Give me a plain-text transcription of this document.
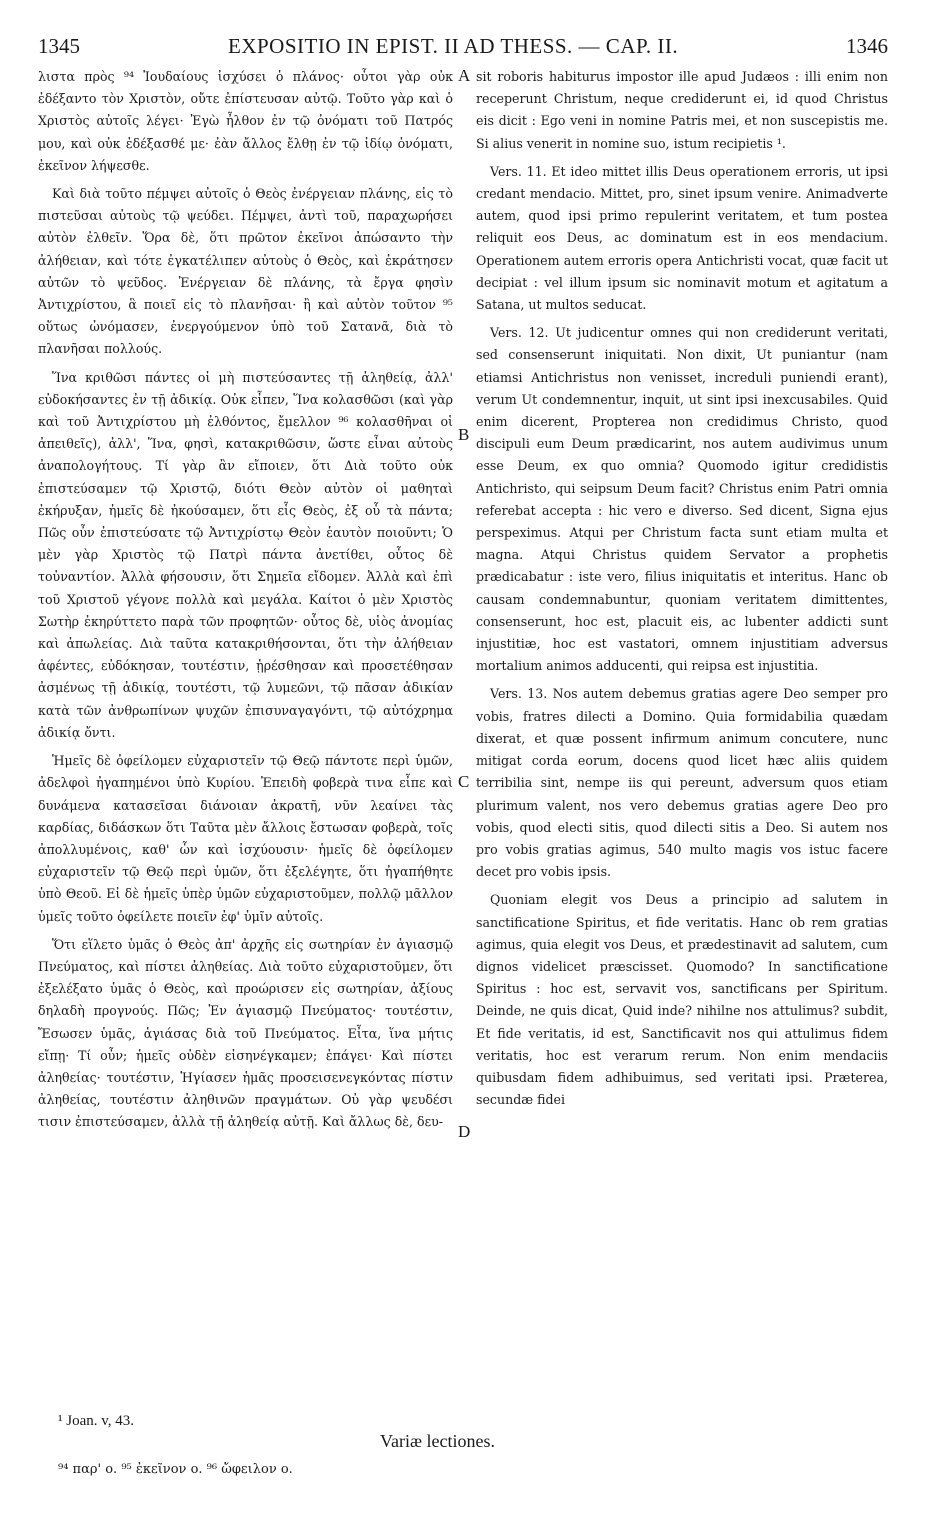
1345	EXPOSITIO IN EPIST. II AD THESS. — CAP. II.	1346

λιστα πρὸς ⁹⁴ Ἰουδαίους ἰσχύσει ὁ πλάνος· οὗτοι γὰρ οὐκ ἐδέξαντο τὸν Χριστὸν, οὔτε ἐπίστευσαν αὐτῷ. Τοῦτο γὰρ καὶ ὁ Χριστὸς αὐτοῖς λέγει· Ἐγὼ ἦλθον ἐν τῷ ὀνόματι τοῦ Πατρός μου, καὶ οὐκ ἐδέξασθέ με· ἐὰν ἄλλος ἔλθῃ ἐν τῷ ἰδίῳ ὀνόματι, ἐκεῖνον λήψεσθε.

Καὶ διὰ τοῦτο πέμψει αὐτοῖς ὁ Θεὸς ἐνέργειαν πλάνης, εἰς τὸ πιστεῦσαι αὐτοὺς τῷ ψεύδει. Πέμψει, ἀντὶ τοῦ, παραχωρήσει αὐτὸν ἐλθεῖν. Ὅρα δὲ, ὅτι πρῶτον ἐκεῖνοι ἀπώσαντο τὴν ἀλήθειαν, καὶ τότε ἐγκατέλιπεν αὐτοὺς ὁ Θεὸς, καὶ ἐκράτησεν αὐτῶν τὸ ψεῦδος. Ἐνέργειαν δὲ πλάνης, τὰ ἔργα φησὶν Ἀντιχρίστου, ἃ ποιεῖ εἰς τὸ πλανῆσαι· ἢ καὶ αὐτὸν τοῦτον ⁹⁵ οὕτως ὠνόμασεν, ἐνεργούμενον ὑπὸ τοῦ Σατανᾶ, διὰ τὸ πλανῆσαι πολλούς.

Ἵνα κριθῶσι πάντες οἱ μὴ πιστεύσαντες τῇ ἀληθείᾳ, ἀλλ' εὐδοκήσαντες ἐν τῇ ἀδικίᾳ. Οὐκ εἶπεν, Ἵνα κολασθῶσι (καὶ γὰρ καὶ τοῦ Ἀντιχρίστου μὴ ἐλθόντος, ἔμελλον ⁹⁶ κολασθῆναι οἱ ἀπειθεῖς), ἀλλ', Ἵνα, φησὶ, κατακριθῶσιν, ὥστε εἶναι αὐτοὺς ἀναπολογήτους. Τί γὰρ ἂν εἴποιεν, ὅτι Διὰ τοῦτο οὐκ ἐπιστεύσαμεν τῷ Χριστῷ, διότι Θεὸν αὐτὸν οἱ μαθηταὶ ἐκήρυξαν, ἡμεῖς δὲ ἠκούσαμεν, ὅτι εἷς Θεὸς, ἐξ οὗ τὰ πάντα; Πῶς οὖν ἐπιστεύσατε τῷ Ἀντιχρίστῳ Θεὸν ἑαυτὸν ποιοῦντι; Ὁ μὲν γὰρ Χριστὸς τῷ Πατρὶ πάντα ἀνετίθει, οὗτος δὲ τοὐναντίον. Ἀλλὰ φήσουσιν, ὅτι Σημεῖα εἴδομεν. Ἀλλὰ καὶ ἐπὶ τοῦ Χριστοῦ γέγονε πολλὰ καὶ μεγάλα. Καίτοι ὁ μὲν Χριστὸς Σωτὴρ ἐκηρύττετο παρὰ τῶν προφητῶν· οὗτος δὲ, υἱὸς ἀνομίας καὶ ἀπωλείας. Διὰ ταῦτα κατακριθήσονται, ὅτι τὴν ἀλήθειαν ἀφέντες, εὐδόκησαν, τουτέστιν, ᾑρέσθησαν καὶ προσετέθησαν ἀσμένως τῇ ἀδικίᾳ, τουτέστι, τῷ λυμεῶνι, τῷ πᾶσαν ἀδικίαν κατὰ τῶν ἀνθρωπίνων ψυχῶν ἐπισυναγαγόντι, τῷ αὐτόχρημα ἀδικίᾳ ὄντι.

Ἡμεῖς δὲ ὀφείλομεν εὐχαριστεῖν τῷ Θεῷ πάντοτε περὶ ὑμῶν, ἀδελφοὶ ἠγαπημένοι ὑπὸ Κυρίου. Ἐπειδὴ φοβερὰ τινα εἶπε καὶ δυνάμενα κατασεῖσαι διάνοιαν ἀκρατῆ, νῦν λεαίνει τὰς καρδίας, διδάσκων ὅτι Ταῦτα μὲν ἄλλοις ἔστωσαν φοβερὰ, τοῖς ἀπολλυμένοις, καθ' ὧν καὶ ἰσχύουσιν· ἡμεῖς δὲ ὀφείλομεν εὐχαριστεῖν τῷ Θεῷ περὶ ὑμῶν, ὅτι ἐξελέγητε, ὅτι ἠγαπήθητε ὑπὸ Θεοῦ. Εἰ δὲ ἡμεῖς ὑπὲρ ὑμῶν εὐχαριστοῦμεν, πολλῷ μᾶλλον ὑμεῖς τοῦτο ὀφείλετε ποιεῖν ἐφ' ὑμῖν αὐτοῖς.

Ὅτι εἵλετο ὑμᾶς ὁ Θεὸς ἀπ' ἀρχῆς εἰς σωτηρίαν ἐν ἁγιασμῷ Πνεύματος, καὶ πίστει ἀληθείας. Διὰ τοῦτο εὐχαριστοῦμεν, ὅτι ἐξελέξατο ὑμᾶς ὁ Θεὸς, καὶ προώρισεν εἰς σωτηρίαν, ἀξίους δηλαδὴ προγνούς. Πῶς; Ἐν ἁγιασμῷ Πνεύματος· τουτέστιν, Ἔσωσεν ὑμᾶς, ἁγιάσας διὰ τοῦ Πνεύματος. Εἶτα, ἵνα μήτις εἴπῃ· Τί οὖν; ἡμεῖς οὐδὲν εἰσηνέγκαμεν; ἐπάγει· Καὶ πίστει ἀληθείας· τουτέστιν, Ἡγίασεν ἡμᾶς προσεισενεγκόντας πίστιν ἀληθείας, τουτέστιν ἀληθινῶν πραγμάτων. Οὐ γὰρ ψευδέσι τισιν ἐπιστεύσαμεν, ἀλλὰ τῇ ἀληθείᾳ αὐτῇ. Καὶ ἄλλως δὲ, δευ-

sit roboris habiturus impostor ille apud Judæos : illi enim non receperunt Christum, neque crediderunt ei, id quod Christus eis dicit : Ego veni in nomine Patris mei, et non suscepistis me. Si alius venerit in nomine suo, istum recipietis ¹.

Vers. 11. Et ideo mittet illis Deus operationem erroris, ut ipsi credant mendacio. Mittet, pro, sinet ipsum venire. Animadverte autem, quod ipsi primo repulerint veritatem, et tum postea reliquit eos Deus, ac dominatum est in eos mendacium. Operationem autem erroris opera Antichristi vocat, quæ facit ut decipiat : vel illum ipsum sic nominavit motum et agitatum a Satana, ut multos seducat.

Vers. 12. Ut judicentur omnes qui non crediderunt veritati, sed consenserunt iniquitati. Non dixit, Ut puniantur (nam etiamsi Antichristus non venisset, increduli puniendi erant), verum Ut condemnentur, inquit, ut sint ipsi inexcusabiles. Quid enim dicerent, Propterea non credidimus Christo, quod discipuli eum Deum prædicarint, nos autem audivimus unum esse Deum, ex quo omnia? Quomodo igitur credidistis Antichristo, qui seipsum Deum facit? Christus enim Patri omnia referebat accepta : hic vero e diverso. Sed dicent, Signa ejus perspeximus. Atqui per Christum facta sunt etiam multa et magna. Atqui Christus quidem Servator a prophetis prædicabatur : iste vero, filius iniquitatis et interitus. Hanc ob causam condemnabuntur, quoniam veritatem dimittentes, consenserunt, hoc est, placuit eis, ac lubenter addicti sunt injustitiæ, hoc est vastatori, omnem injustitiam adversus mortalium animos adducenti, qui reipsa est injustitia.

Vers. 13. Nos autem debemus gratias agere Deo semper pro vobis, fratres dilecti a Domino. Quia formidabilia quædam dixerat, et quæ possent infirmum animum concutere, nunc mitigat corda eorum, docens quod licet hæc aliis quidem terribilia sint, nempe iis qui pereunt, adversum quos etiam plurimum valent, nos vero debemus gratias agere Deo pro vobis, quod electi sitis, quod dilecti sitis a Deo. Si autem nos pro vobis gratias agimus, 540 multo magis vos istuc facere decet pro vobis ipsis.

Quoniam elegit vos Deus a principio ad salutem in sanctificatione Spiritus, et fide veritatis. Hanc ob rem gratias agimus, quia elegit vos Deus, et prædestinavit ad salutem, cum dignos videlicet præscisset. Quomodo? In sanctificatione Spiritus : hoc est, servavit vos, sanctificans per Spiritum. Deinde, ne quis dicat, Quid inde? nihilne nos attulimus? subdit, Et fide veritatis, id est, Sanctificavit nos qui attulimus fidem veritatis, hoc est verarum rerum. Non enim mendaciis quibusdam fidem adhibuimus, sed veritati ipsi. Præterea, secundæ fidei

A
B
C
D
¹ Joan. v, 43.
Variæ lectiones.
⁹⁴ παρ' ο. ⁹⁵ ἐκεῖνον ο. ⁹⁶ ὤφειλον ο.
